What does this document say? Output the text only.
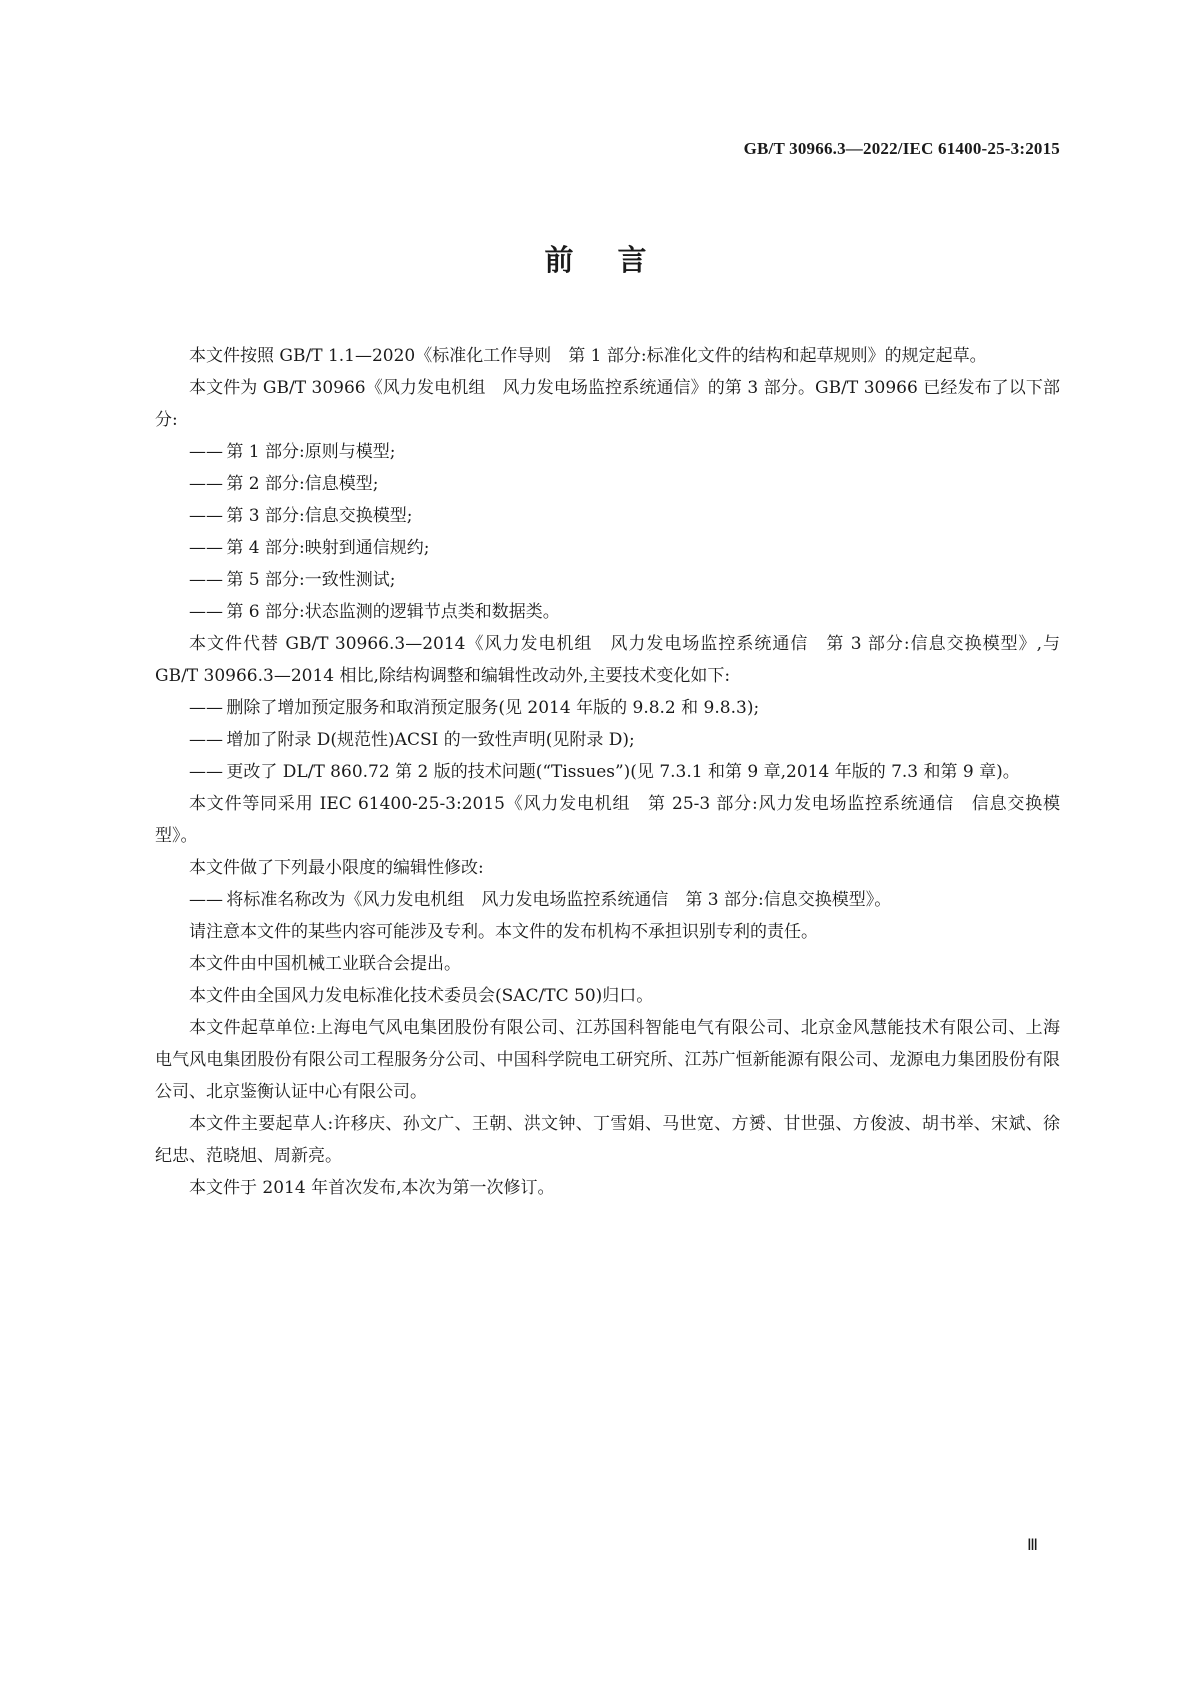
GB/T 30966.3—2022/IEC 61400-25-3:2015
前言

本文件按照 GB/T 1.1—2020《标准化工作导则　第 1 部分:标准化文件的结构和起草规则》的规定起草。

本文件为 GB/T 30966《风力发电机组　风力发电场监控系统通信》的第 3 部分。GB/T 30966 已经发布了以下部分:

—— 第 1 部分:原则与模型;

—— 第 2 部分:信息模型;

—— 第 3 部分:信息交换模型;

—— 第 4 部分:映射到通信规约;

—— 第 5 部分:一致性测试;

—— 第 6 部分:状态监测的逻辑节点类和数据类。

本文件代替 GB/T 30966.3—2014《风力发电机组　风力发电场监控系统通信　第 3 部分:信息交换模型》,与 GB/T 30966.3—2014 相比,除结构调整和编辑性改动外,主要技术变化如下:

—— 删除了增加预定服务和取消预定服务(见 2014 年版的 9.8.2 和 9.8.3);

—— 增加了附录 D(规范性)ACSI 的一致性声明(见附录 D);

—— 更改了 DL/T 860.72 第 2 版的技术问题(“Tissues”)(见 7.3.1 和第 9 章,2014 年版的 7.3 和第 9 章)。

本文件等同采用 IEC 61400-25-3:2015《风力发电机组　第 25-3 部分:风力发电场监控系统通信　信息交换模型》。

本文件做了下列最小限度的编辑性修改:

—— 将标准名称改为《风力发电机组　风力发电场监控系统通信　第 3 部分:信息交换模型》。

请注意本文件的某些内容可能涉及专利。本文件的发布机构不承担识别专利的责任。

本文件由中国机械工业联合会提出。

本文件由全国风力发电标准化技术委员会(SAC/TC 50)归口。

本文件起草单位:上海电气风电集团股份有限公司、江苏国科智能电气有限公司、北京金风慧能技术有限公司、上海电气风电集团股份有限公司工程服务分公司、中国科学院电工研究所、江苏广恒新能源有限公司、龙源电力集团股份有限公司、北京鉴衡认证中心有限公司。

本文件主要起草人:许移庆、孙文广、王朝、洪文钟、丁雪娟、马世宽、方赟、甘世强、方俊波、胡书举、宋斌、徐纪忠、范晓旭、周新亮。

本文件于 2014 年首次发布,本次为第一次修订。

Ⅲ
